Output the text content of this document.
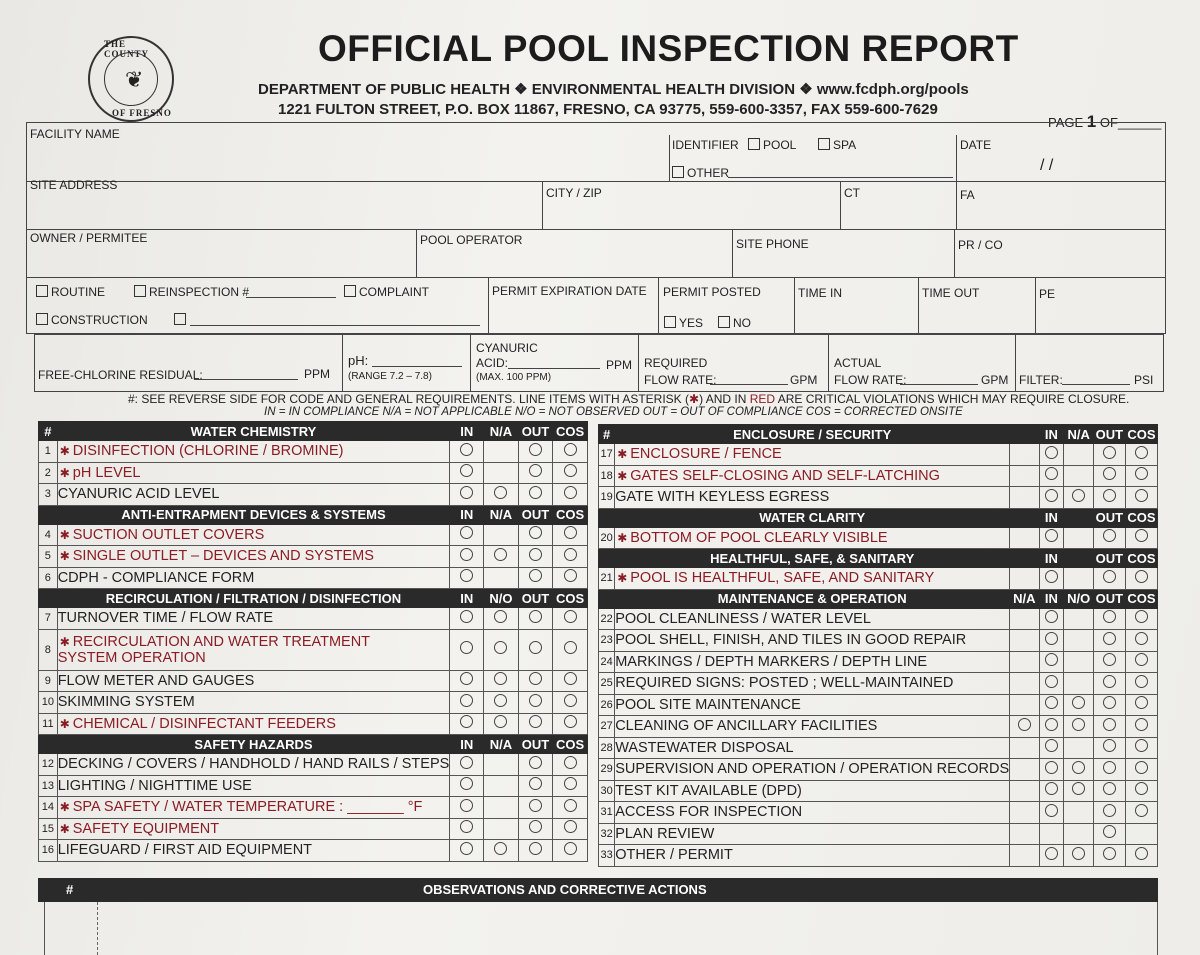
THE COUNTY
❦
OF FRESNO
OFFICIAL POOL INSPECTION REPORT
DEPARTMENT OF PUBLIC HEALTH ❖ ENVIRONMENTAL HEALTH DIVISION ❖ www.fcdph.org/pools
1221 FULTON STREET, P.O. BOX 11867, FRESNO, CA 93775, 559-600-3357, FAX 559-600-7629
PAGE 1 OF______
FACILITY NAME
IDENTIFIER	POOL	SPA
OTHER
DATE
/ /
SITE ADDRESS
CITY / ZIP	CT	FA
OWNER / PERMITEE	POOL OPERATOR	SITE PHONE	PR / CO
ROUTINE	REINSPECTION #	COMPLAINT
CONSTRUCTION
PERMIT EXPIRATION DATE PERMIT POSTED
YES	NO
TIME IN	TIME OUT	PE
FREE-CHLORINE RESIDUAL:	PPM
pH:
(RANGE 7.2 – 7.8)
CYANURIC
ACID:	PPM
(MAX. 100 PPM)
REQUIRED
FLOW RATE:	GPM
ACTUAL
FLOW RATE:	GPM FILTER:	PSI
#: SEE REVERSE SIDE FOR CODE AND GENERAL REQUIREMENTS. LINE ITEMS WITH ASTERISK (✱) AND IN RED ARE CRITICAL VIOLATIONS WHICH MAY REQUIRE CLOSURE.
IN = IN COMPLIANCE N/A = NOT APPLICABLE N/O = NOT OBSERVED OUT = OUT OF COMPLIANCE COS = CORRECTED ONSITE
#	WATER CHEMISTRY	IN	N/A	OUT	COS
1	✱ DISINFECTION (CHLORINE / BROMINE)				
2	✱ pH LEVEL				
3	CYANURIC ACID LEVEL				
	ANTI-ENTRAPMENT DEVICES & SYSTEMS	IN	N/A	OUT	COS
4	✱ SUCTION OUTLET COVERS				
5	✱ SINGLE OUTLET – DEVICES AND SYSTEMS				
6	CDPH - COMPLIANCE FORM				
	RECIRCULATION / FILTRATION / DISINFECTION	IN	N/O	OUT	COS
7	TURNOVER TIME / FLOW RATE				
8	✱ RECIRCULATION AND WATER TREATMENT
SYSTEM OPERATION				
9	FLOW METER AND GAUGES				
10	SKIMMING SYSTEM				
11	✱ CHEMICAL / DISINFECTANT FEEDERS				
	SAFETY HAZARDS	IN	N/A	OUT	COS
12	DECKING / COVERS / HANDHOLD / HAND RAILS / STEPS				
13	LIGHTING / NIGHTTIME USE				
14	✱ SPA SAFETY / WATER TEMPERATURE : _______ °F				
15	✱ SAFETY EQUIPMENT				
16	LIFEGUARD / FIRST AID EQUIPMENT				
#	ENCLOSURE / SECURITY		IN	N/A	OUT	COS
17	✱ ENCLOSURE / FENCE					
18	✱ GATES SELF-CLOSING AND SELF-LATCHING					
19	GATE WITH KEYLESS EGRESS					
	WATER CLARITY		IN		OUT	COS
20	✱ BOTTOM OF POOL CLEARLY VISIBLE					
	HEALTHFUL, SAFE, & SANITARY		IN		OUT	COS
21	✱ POOL IS HEALTHFUL, SAFE, AND SANITARY					
	MAINTENANCE & OPERATION	N/A	IN	N/O	OUT	COS
22	POOL CLEANLINESS / WATER LEVEL					
23	POOL SHELL, FINISH, AND TILES IN GOOD REPAIR					
24	MARKINGS / DEPTH MARKERS / DEPTH LINE					
25	REQUIRED SIGNS: POSTED ; WELL-MAINTAINED					
26	POOL SITE MAINTENANCE					
27	CLEANING OF ANCILLARY FACILITIES					
28	WASTEWATER DISPOSAL					
29	SUPERVISION AND OPERATION / OPERATION RECORDS					
30	TEST KIT AVAILABLE (DPD)					
31	ACCESS FOR INSPECTION					
32	PLAN REVIEW					
33	OTHER / PERMIT					
#	OBSERVATIONS AND CORRECTIVE ACTIONS
